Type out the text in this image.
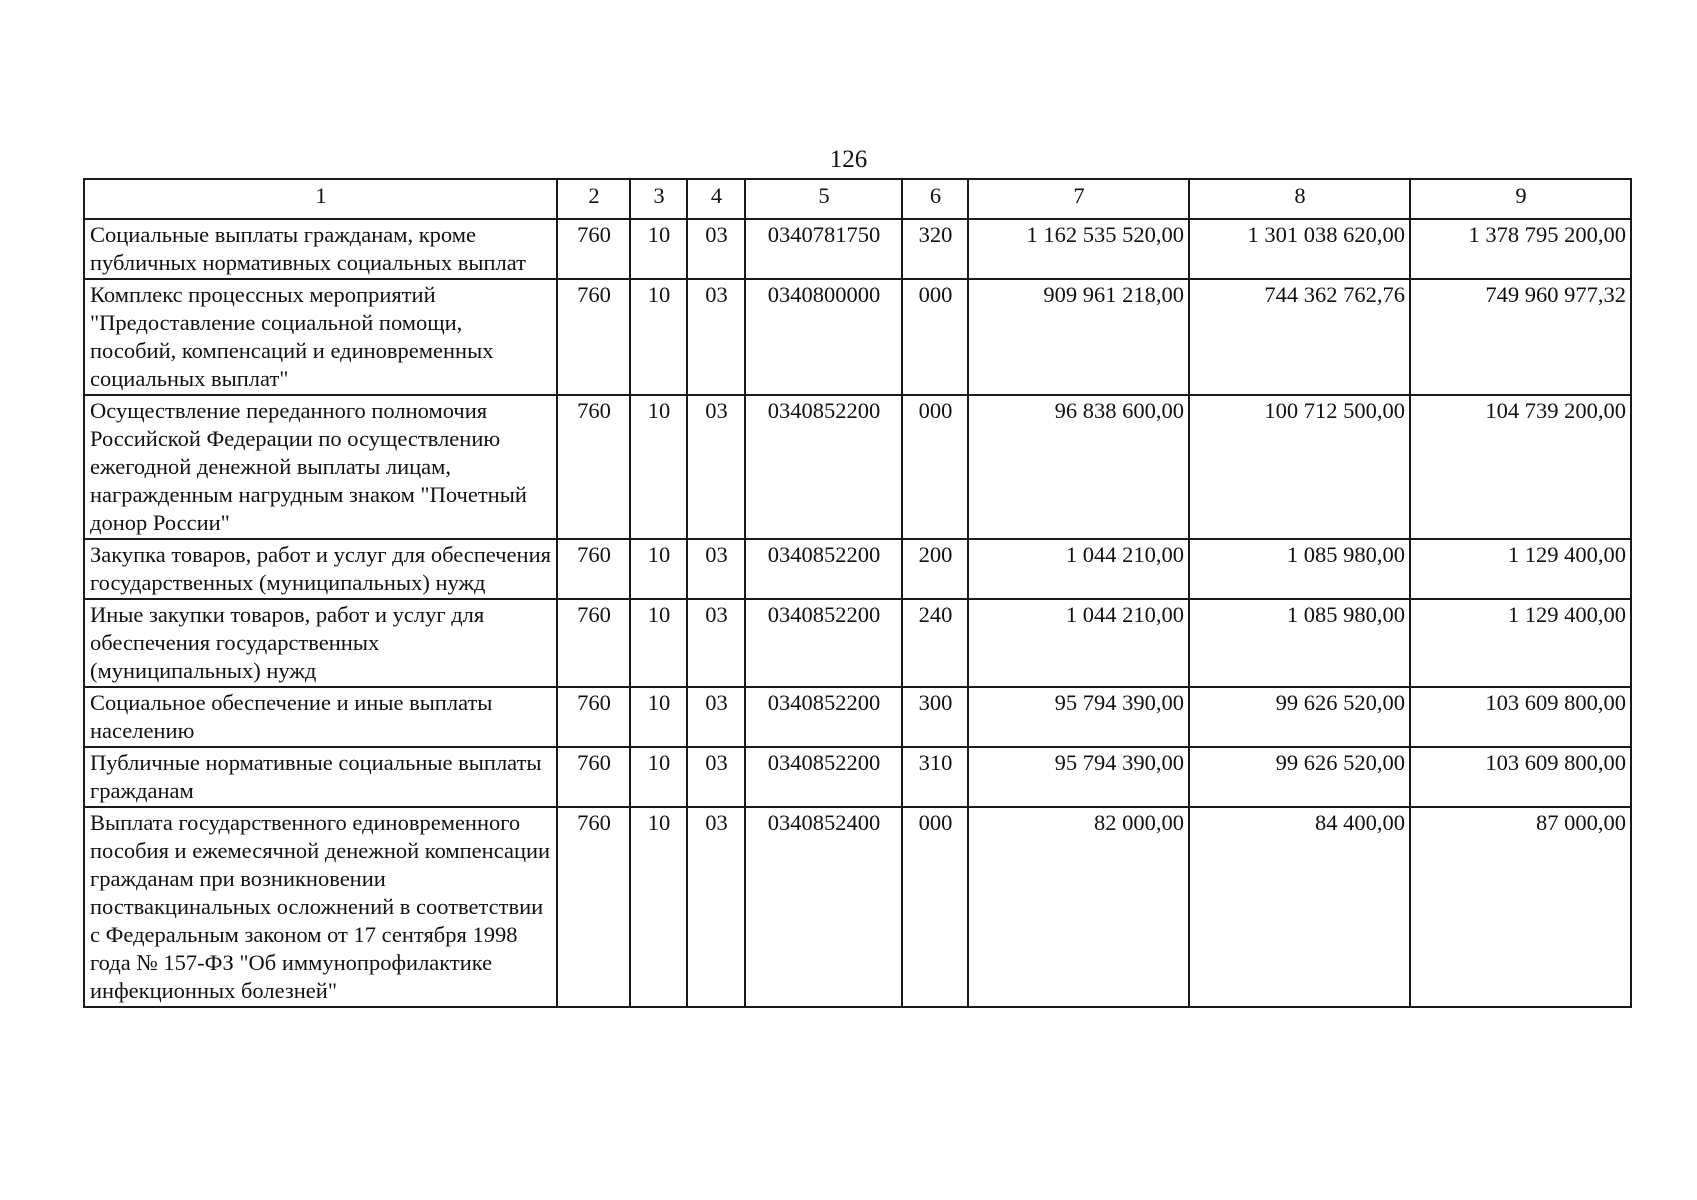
126
1	2	3	4	5	6	7	8	9
Социальные выплаты гражданам, кроме публичных нормативных социальных выплат	760	10	03	0340781750	320	1 162 535 520,00	1 301 038 620,00	1 378 795 200,00
Комплекс процессных мероприятий "Предоставление социальной помощи, пособий, компенсаций и единовременных социальных выплат"	760	10	03	0340800000	000	909 961 218,00	744 362 762,76	749 960 977,32
Осуществление переданного полномочия Российской Федерации по осуществлению ежегодной денежной выплаты лицам, награжденным нагрудным знаком "Почетный донор России"	760	10	03	0340852200	000	96 838 600,00	100 712 500,00	104 739 200,00
Закупка товаров, работ и услуг для обеспечения государственных (муниципальных) нужд	760	10	03	0340852200	200	1 044 210,00	1 085 980,00	1 129 400,00
Иные закупки товаров, работ и услуг для обеспечения государственных (муниципальных) нужд	760	10	03	0340852200	240	1 044 210,00	1 085 980,00	1 129 400,00
Социальное обеспечение и иные выплаты населению	760	10	03	0340852200	300	95 794 390,00	99 626 520,00	103 609 800,00
Публичные нормативные социальные выплаты гражданам	760	10	03	0340852200	310	95 794 390,00	99 626 520,00	103 609 800,00
Выплата государственного единовременного пособия и ежемесячной денежной компенсации гражданам при возникновении поствакцинальных осложнений в соответствии с Федеральным законом от 17 сентября 1998 года № 157-ФЗ "Об иммунопрофилактике инфекционных болезней"	760	10	03	0340852400	000	82 000,00	84 400,00	87 000,00
